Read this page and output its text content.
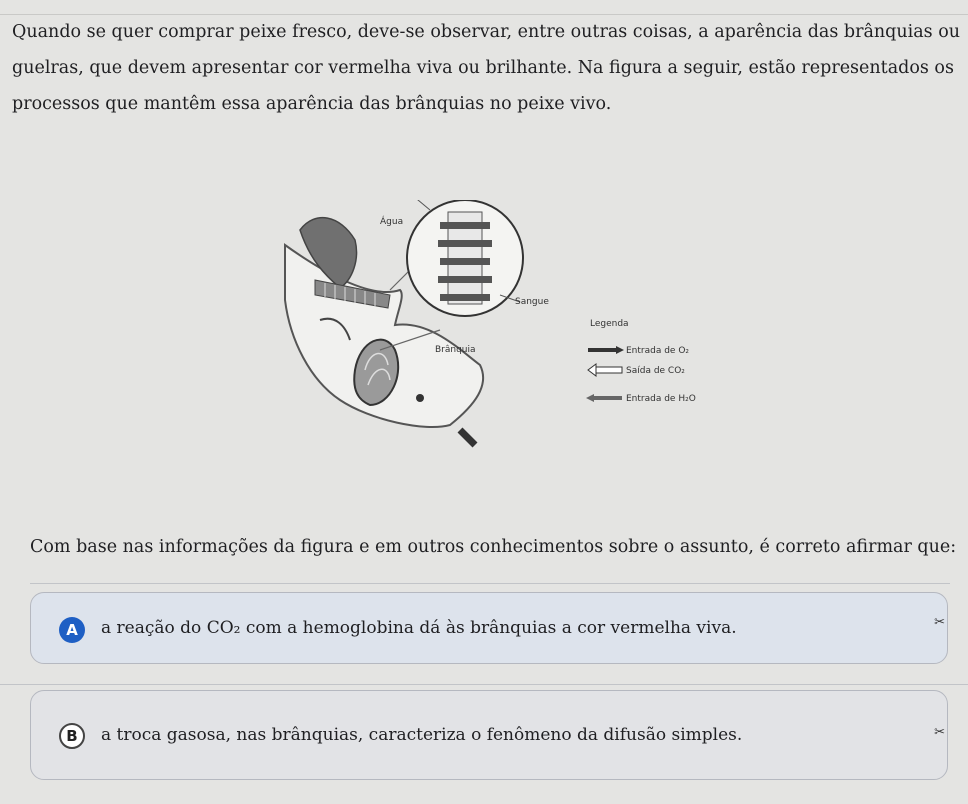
Quando se quer comprar peixe fresco, deve-se observar, entre outras coisas, a aparência das brânquias ou guelras, que devem apresentar cor vermelha viva ou brilhante. Na figura a seguir, estão representados os processos que mantêm essa aparência das brânquias no peixe vivo.

Água
Sangue
Brânquia
Legenda
Entrada de O₂
Saída de CO₂
Entrada de H₂O

Com base nas informações da figura e em outros conhecimentos sobre o assunto, é correto afirmar que:

A	a reação do CO₂ com a hemoglobina dá às brânquias a cor vermelha viva.	✂
B	a troca gasosa, nas brânquias, caracteriza o fenômeno da difusão simples.	✂
